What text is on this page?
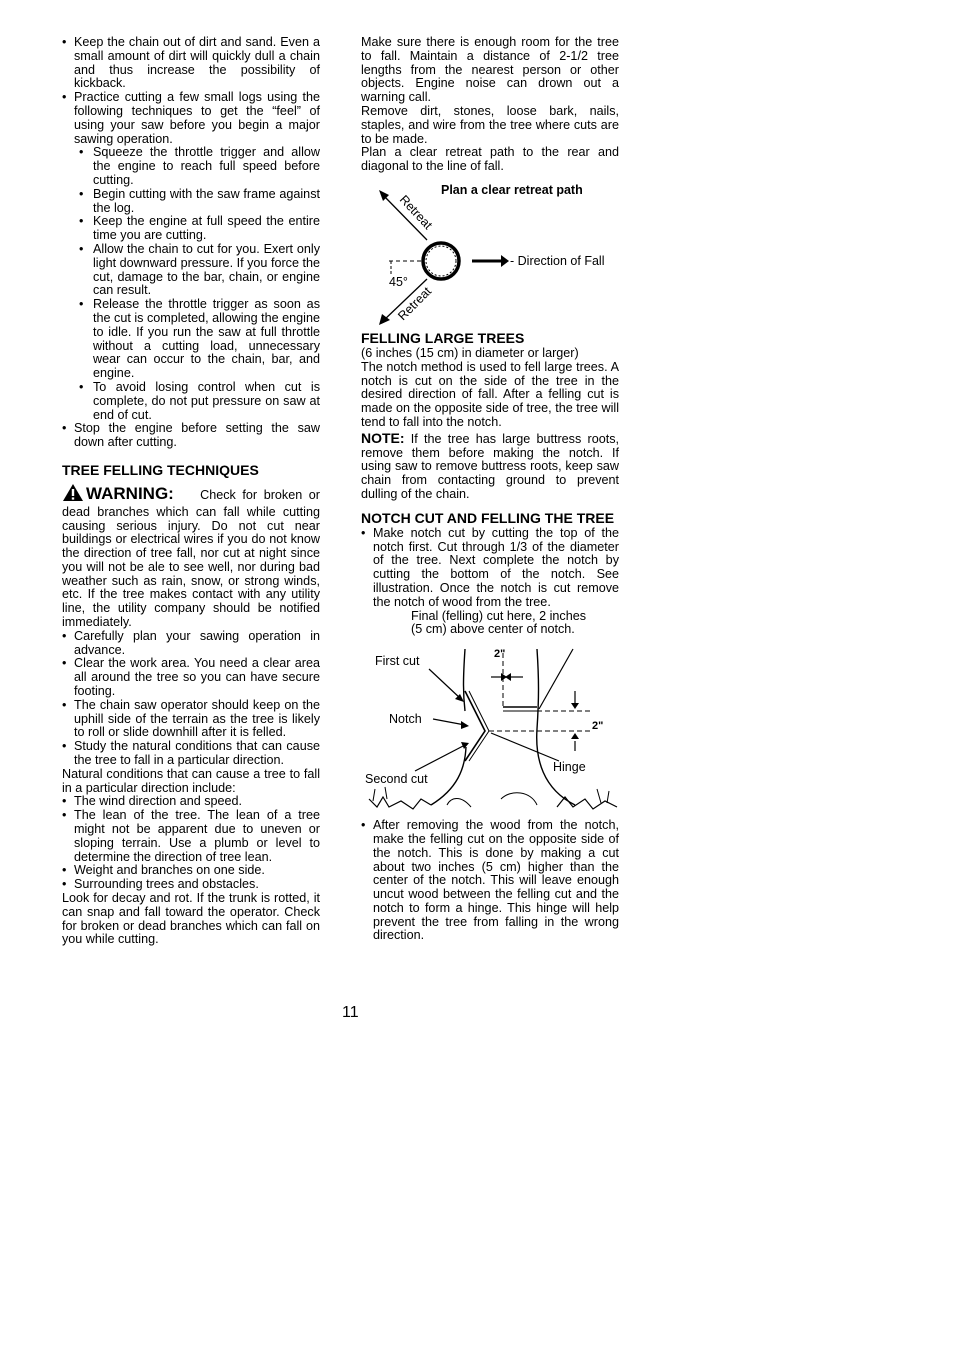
• Keep the chain out of dirt and sand. Even a small amount of dirt will quickly dull a chain and thus increase the possibility of kickback.
• Practice cutting a few small logs using the following techniques to get the “feel” of using your saw before you begin a major sawing operation.
• Squeeze the throttle trigger and allow the engine to reach full speed before cutting.
• Begin cutting with the saw frame against the log.
• Keep the engine at full speed the entire time you are cutting.
• Allow the chain to cut for you. Exert only light downward pressure. If you force the cut, damage to the bar, chain, or engine can result.
• Release the throttle trigger as soon as the cut is completed, allowing the engine to idle. If you run the saw at full throttle without a cutting load, unnecessary wear can occur to the chain, bar, and engine.
• To avoid losing control when cut is complete, do not put pressure on saw at end of cut.
• Stop the engine before setting the saw down after cutting.
TREE FELLING TECHNIQUES

WARNING: Check for broken or dead branches which can fall while cutting causing serious injury. Do not cut near buildings or electrical wires if you do not know the direction of tree fall, nor cut at night since you will not be ale to see well, nor during bad weather such as rain, snow, or strong winds, etc. If the tree makes contact with any utility line, the utility company should be notified immediately.

• Carefully plan your sawing operation in advance.
• Clear the work area. You need a clear area all around the tree so you can have secure footing.
• The chain saw operator should keep on the uphill side of the terrain as the tree is likely to roll or slide downhill after it is felled.
• Study the natural conditions that can cause the tree to fall in a particular direction.

Natural conditions that can cause a tree to fall in a particular direction include:

• The wind direction and speed.
• The lean of the tree. The lean of a tree might not be apparent due to uneven or sloping terrain. Use a plumb or level to determine the direction of tree lean.
• Weight and branches on one side.
• Surrounding trees and obstacles.

Look for decay and rot. If the trunk is rotted, it can snap and fall toward the operator. Check for broken or dead branches which can fall on you while cutting.

Make sure there is enough room for the tree to fall. Maintain a distance of 2-1/2 tree lengths from the nearest person or other objects. Engine noise can drown out a warning call.

Remove dirt, stones, loose bark, nails, staples, and wire from the tree where cuts are to be made.

Plan a clear retreat path to the rear and diagonal to the line of fall.

Plan a clear retreat path
Retreat
- Direction of Fall
45°
Retreat
FELLING LARGE TREES

(6 inches (15 cm) in diameter or larger)

The notch method is used to fell large trees. A notch is cut on the side of the tree in the desired direction of fall. After a felling cut is made on the opposite side of tree, the tree will tend to fall into the notch.

NOTE: If the tree has large buttress roots, remove them before making the notch. If using saw to remove buttress roots, keep saw chain from contacting ground to prevent dulling of the chain.

NOTCH CUT AND FELLING THE TREE
• Make notch cut by cutting the top of the notch first. Cut through 1/3 of the diameter of the tree. Next complete the notch by cutting the bottom of the notch. See illustration. Once the notch is cut remove the notch of wood from the tree.

Final (felling) cut here, 2 inches

(5 cm) above center of notch.

First cut
Notch
Second cut
Hinge
2"
2"
• After removing the wood from the notch, make the felling cut on the opposite side of the notch. This is done by making a cut about two inches (5 cm) higher than the center of the notch. This will leave enough uncut wood between the felling cut and the notch to form a hinge. This hinge will help prevent the tree from falling in the wrong direction.
11
